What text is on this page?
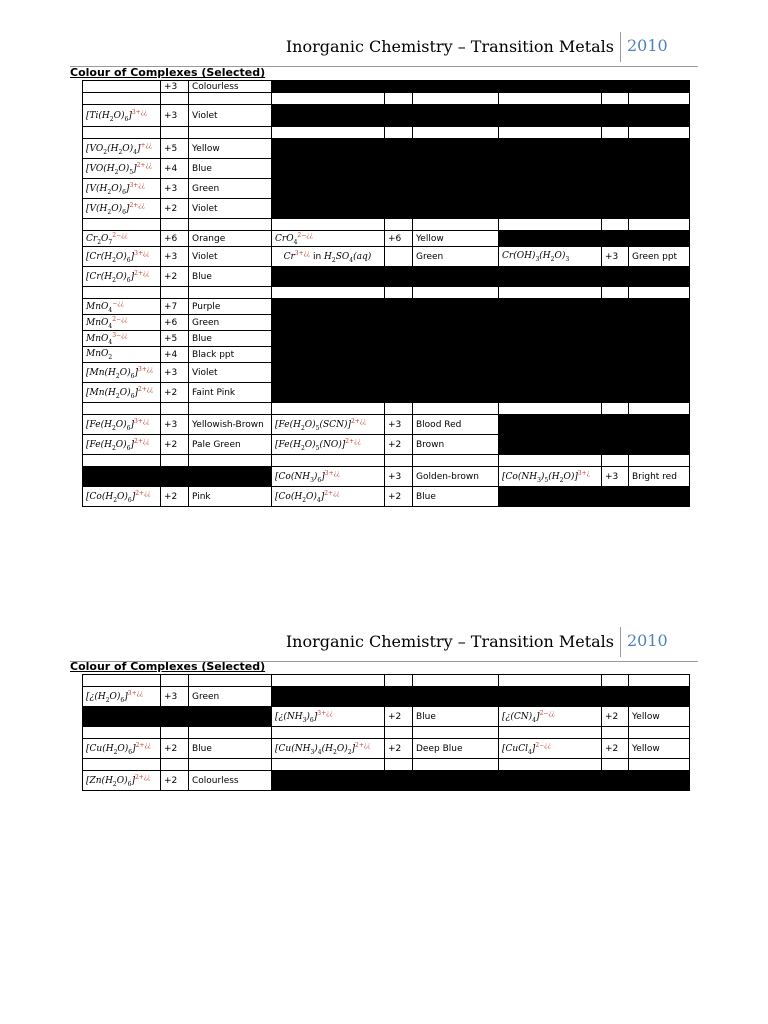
Inorganic Chemistry – Transition Metals 2010
Colour of Complexes (Selected)
	+3	Colourless						

$[Ti(H_2O)_6]^{3+¿¿}$	+3	Violet						

$[VO_2(H_2O)_4]^{+¿¿}$	+5	Yellow						
$[VO(H_2O)_5]^{2+¿¿}$	+4	Blue						
$[V(H_2O)_6]^{3+¿¿}$	+3	Green						
$[V(H_2O)_6]^{2+¿¿}$	+2	Violet						

$Cr_2O_7^{2-¿¿}$	+6	Orange	CrO$_4^{2-¿¿}$	+6	Yellow			
$[Cr(H_2O)_6]^{3+¿¿}$	+3	Violet	$Cr^{3+¿¿}$ in $H_2SO_4(aq)$		Green	$Cr(OH)_3(H_2O)_3$	+3	Green ppt
$[Cr(H_2O)_6]^{2+¿¿}$	+2	Blue						

MnO$_4$−¿¿	+7	Purple						
MnO$_4^{2-¿¿}$	+6	Green						
MnO$_4^{3-¿¿}$	+5	Blue						
MnO$_2$	+4	Black ppt						
$[Mn(H_2O)_6]^{3+¿¿}$	+3	Violet						
$[Mn(H_2O)_6]^{2+¿¿}$	+2	Faint Pink						

$[Fe(H_2O)_6]^{3+¿¿}$	+3	Yellowish-Brown	$[Fe(H_2O)_5(SCN)]^{2+¿¿}$	+3	Blood Red			
$[Fe(H_2O)_6]^{2+¿¿}$	+2	Pale Green	$[Fe(H_2O)_5(NO)]^{2+¿¿}$	+2	Brown			

			$[Co(NH_3)_6]^{3+¿¿}$	+3	Golden-brown	$[Co(NH_3)_5(H_2O)]^{3+¿}$	+3	Bright red
$[Co(H_2O)_6]^{2+¿¿}$	+2	Pink	$[Co(H_2O)_4]^{2+¿¿}$	+2	Blue			
Inorganic Chemistry – Transition Metals 2010
Colour of Complexes (Selected)

$[¿(H_2O)_6]^{3+¿¿}$	+3	Green						
			$[¿(NH_3)_6]^{3+¿¿}$	+2	Blue	$[¿(CN)_4]^{2-¿¿}$	+2	Yellow

$[Cu(H_2O)_6]^{2+¿¿}$	+2	Blue	$[Cu(NH_3)_4(H_2O)_2]^{2+¿¿}$	+2	Deep Blue	[CuCl$_4$]$^{2-¿¿}$	+2	Yellow

$[Zn(H_2O)_6]^{2+¿¿}$	+2	Colourless						
